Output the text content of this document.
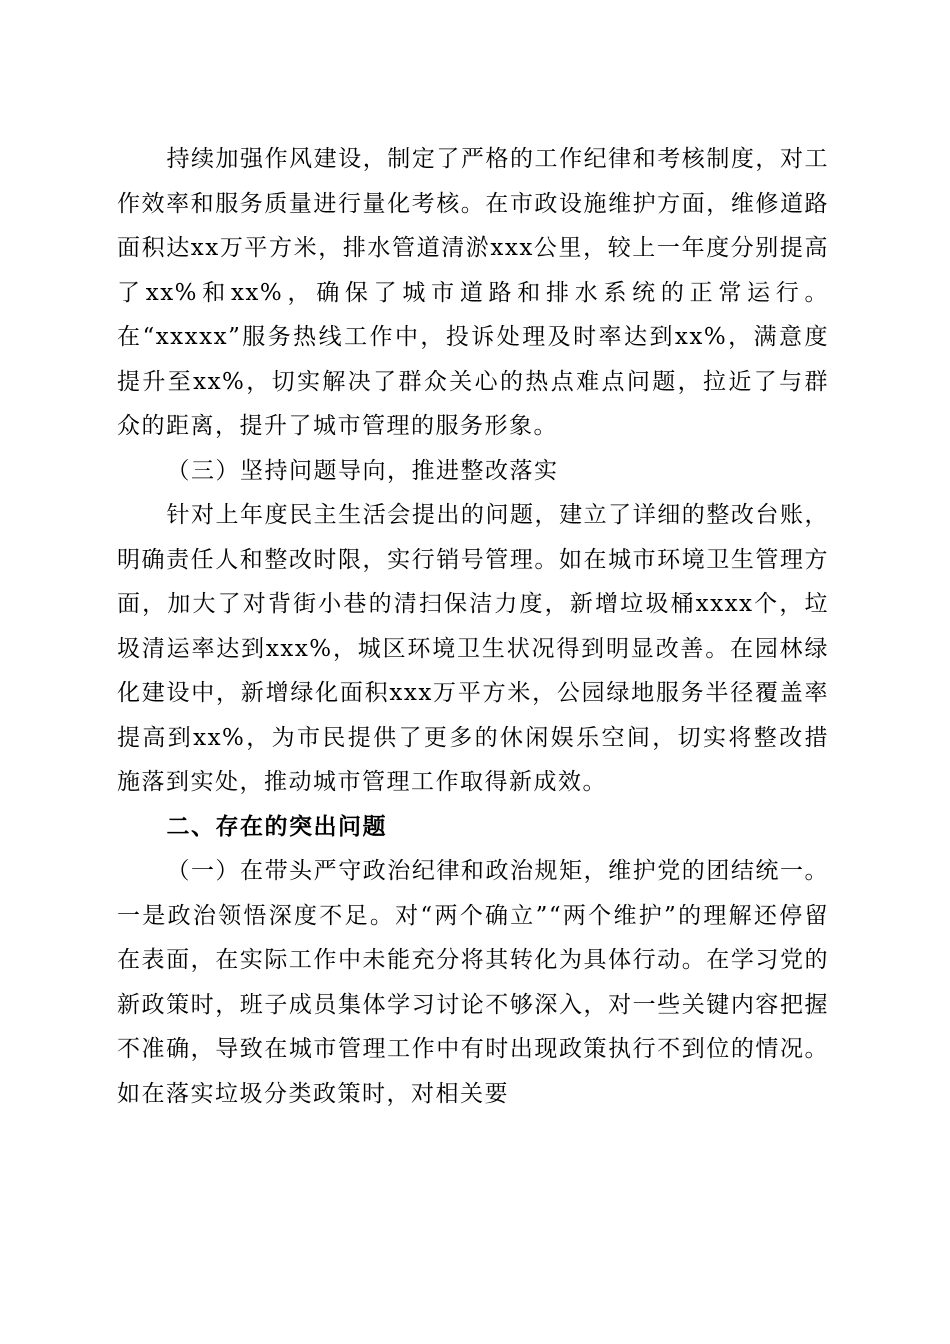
持续加强作风建设，制定了严格的工作纪律和考核制度，对工作效率和服务质量进行量化考核。在市政设施维护方面，维修道路面积达xx万平方米，排水管道清淤xxx公里，较上一年度分别提高了xx%和xx%，确保了城市道路和排水系统的正常运行。在“xxxxx”服务热线工作中，投诉处理及时率达到xx%，满意度提升至xx%，切实解决了群众关心的热点难点问题，拉近了与群众的距离，提升了城市管理的服务形象。

（三）坚持问题导向，推进整改落实

针对上年度民主生活会提出的问题，建立了详细的整改台账，明确责任人和整改时限，实行销号管理。如在城市环境卫生管理方面，加大了对背街小巷的清扫保洁力度，新增垃圾桶xxxx个，垃圾清运率达到xxx%，城区环境卫生状况得到明显改善。在园林绿化建设中，新增绿化面积xxx万平方米，公园绿地服务半径覆盖率提高到xx%，为市民提供了更多的休闲娱乐空间，切实将整改措施落到实处，推动城市管理工作取得新成效。

二、存在的突出问题

（一）在带头严守政治纪律和政治规矩，维护党的团结统一。一是政治领悟深度不足。对“两个确立”“两个维护”的理解还停留在表面，在实际工作中未能充分将其转化为具体行动。在学习党的新政策时，班子成员集体学习讨论不够深入，对一些关键内容把握不准确，导致在城市管理工作中有时出现政策执行不到位的情况。如在落实垃圾分类政策时，对相关要
